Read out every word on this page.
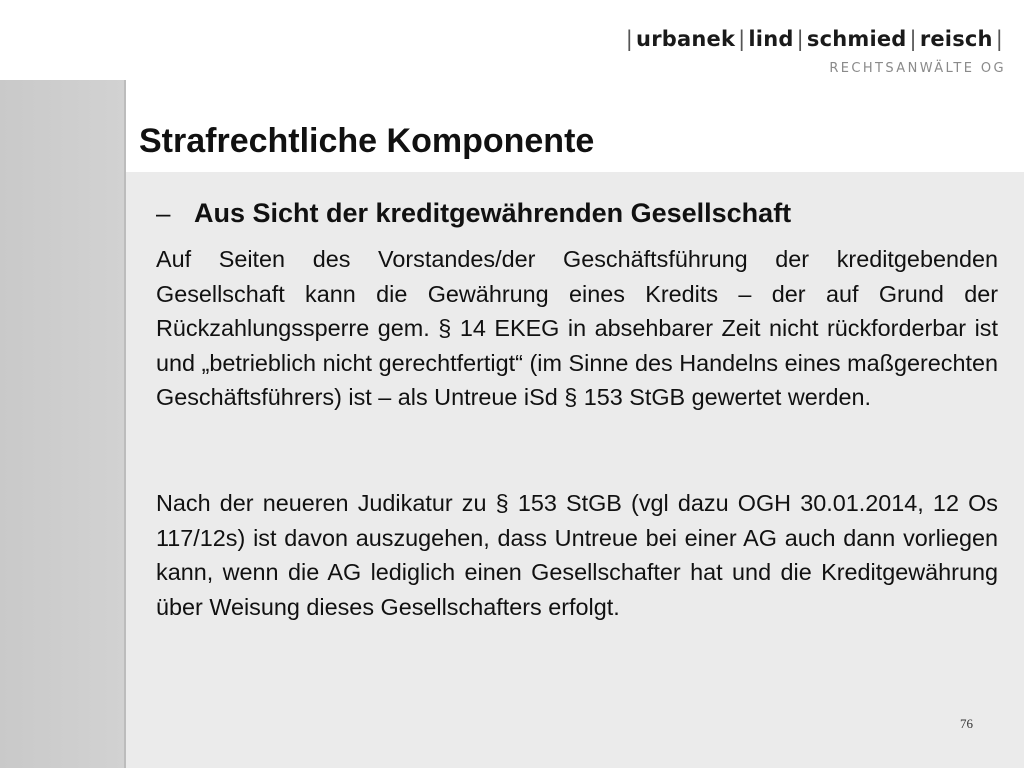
| urbanek | lind | schmied | reisch |
RECHTSANWÄLTE OG
Strafrechtliche Komponente
– Aus Sicht der kreditgewährenden Gesellschaft

Auf Seiten des Vorstandes/der Geschäftsführung der kreditgebenden Gesellschaft kann die Gewährung eines Kredits – der auf Grund der Rückzahlungssperre gem. § 14 EKEG in absehbarer Zeit nicht rückforderbar ist und „betrieblich nicht gerechtfertigt“ (im Sinne des Handelns eines maßgerechten Geschäftsführers) ist – als Untreue iSd § 153 StGB gewertet werden.

Nach der neueren Judikatur zu § 153 StGB (vgl dazu OGH 30.01.2014, 12 Os 117/12s) ist davon auszugehen, dass Untreue bei einer AG auch dann vorliegen kann, wenn die AG lediglich einen Gesellschafter hat und die Kreditgewährung über Weisung dieses Gesellschafters erfolgt.

76
